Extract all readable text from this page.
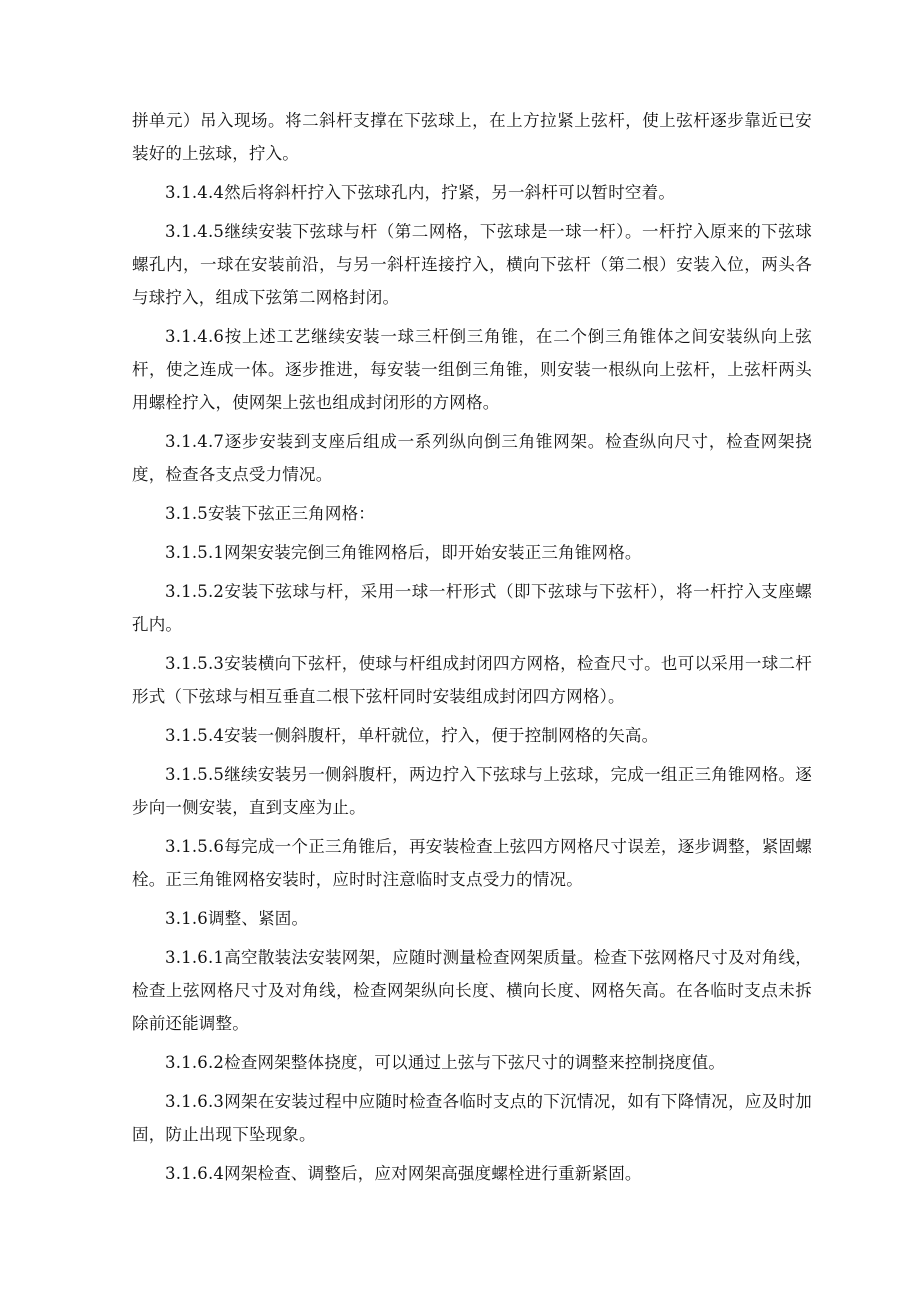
拼单元）吊入现场。将二斜杆支撑在下弦球上，在上方拉紧上弦杆，使上弦杆逐步靠近已安装好的上弦球，拧入。

3.1.4.4然后将斜杆拧入下弦球孔内，拧紧，另一斜杆可以暂时空着。

3.1.4.5继续安装下弦球与杆（第二网格，下弦球是一球一杆）。一杆拧入原来的下弦球螺孔内，一球在安装前沿，与另一斜杆连接拧入，横向下弦杆（第二根）安装入位，两头各与球拧入，组成下弦第二网格封闭。

3.1.4.6按上述工艺继续安装一球三杆倒三角锥，在二个倒三角锥体之间安装纵向上弦杆，使之连成一体。逐步推进，每安装一组倒三角锥，则安装一根纵向上弦杆，上弦杆两头用螺栓拧入，使网架上弦也组成封闭形的方网格。

3.1.4.7逐步安装到支座后组成一系列纵向倒三角锥网架。检查纵向尺寸，检查网架挠度，检查各支点受力情况。

3.1.5安装下弦正三角网格：

3.1.5.1网架安装完倒三角锥网格后，即开始安装正三角锥网格。

3.1.5.2安装下弦球与杆，采用一球一杆形式（即下弦球与下弦杆），将一杆拧入支座螺孔内。

3.1.5.3安装横向下弦杆，使球与杆组成封闭四方网格，检查尺寸。也可以采用一球二杆形式（下弦球与相互垂直二根下弦杆同时安装组成封闭四方网格）。

3.1.5.4安装一侧斜腹杆，单杆就位，拧入，便于控制网格的矢高。

3.1.5.5继续安装另一侧斜腹杆，两边拧入下弦球与上弦球，完成一组正三角锥网格。逐步向一侧安装，直到支座为止。

3.1.5.6每完成一个正三角锥后，再安装检查上弦四方网格尺寸误差，逐步调整，紧固螺栓。正三角锥网格安装时，应时时注意临时支点受力的情况。

3.1.6调整、紧固。

3.1.6.1高空散装法安装网架，应随时测量检查网架质量。检查下弦网格尺寸及对角线，检查上弦网格尺寸及对角线，检查网架纵向长度、横向长度、网格矢高。在各临时支点未拆除前还能调整。

3.1.6.2检查网架整体挠度，可以通过上弦与下弦尺寸的调整来控制挠度值。

3.1.6.3网架在安装过程中应随时检查各临时支点的下沉情况，如有下降情况，应及时加固，防止出现下坠现象。

3.1.6.4网架检查、调整后，应对网架高强度螺栓进行重新紧固。
